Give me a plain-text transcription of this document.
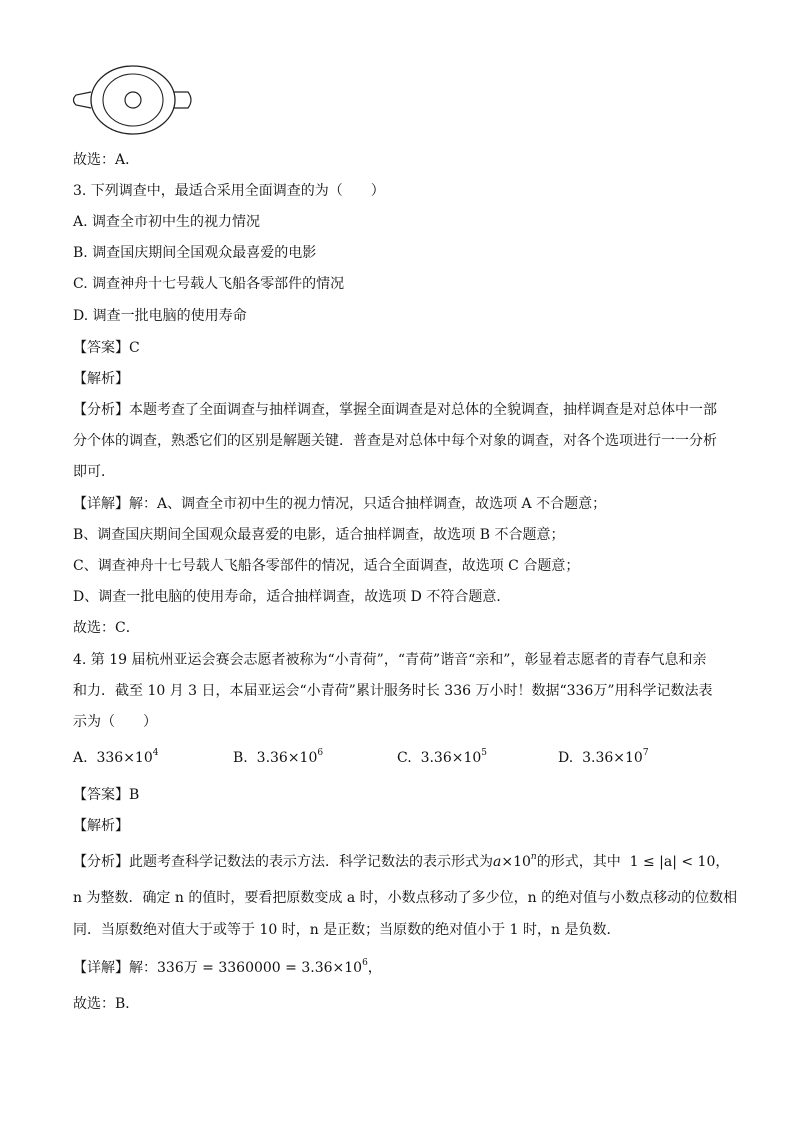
故选：A．
3. 下列调查中，最适合采用全面调查的为（　　）
A. 调查全市初中生的视力情况
B. 调查国庆期间全国观众最喜爱的电影
C. 调查神舟十七号载人飞船各零部件的情况
D. 调查一批电脑的使用寿命
【答案】C
【解析】
【分析】本题考查了全面调查与抽样调查，掌握全面调查是对总体的全貌调查，抽样调查是对总体中一部
分个体的调查，熟悉它们的区别是解题关键．普查是对总体中每个对象的调查，对各个选项进行一一分析
即可．
【详解】解：A、调查全市初中生的视力情况，只适合抽样调查，故选项 A 不合题意；
B、调查国庆期间全国观众最喜爱的电影，适合抽样调查，故选项 B 不合题意；
C、调查神舟十七号载人飞船各零部件的情况，适合全面调查，故选项 C 合题意；
D、调查一批电脑的使用寿命，适合抽样调查，故选项 D 不符合题意．
故选：C．
4. 第 19 届杭州亚运会赛会志愿者被称为“小青荷”，“青荷”谐音“亲和”，彰显着志愿者的青春气息和亲
和力．截至 10 月 3 日，本届亚运会“小青荷”累计服务时长 336 万小时！数据“336万”用科学记数法表
示为（　　）
A. $336\times 10^4$	B. $3.36\times 10^6$	C. $3.36\times 10^5$	D. $3.36\times 10^7$
【答案】B
【解析】
【分析】此题考查科学记数法的表示方法．科学记数法的表示形式为$a\times 10^n$的形式，其中 1 ≤ |a| < 10，
n 为整数．确定 n 的值时，要看把原数变成 a 时，小数点移动了多少位，n 的绝对值与小数点移动的位数相
同．当原数绝对值大于或等于 10 时，n 是正数；当原数的绝对值小于 1 时，n 是负数．
【详解】解：336万 = $3360000 = 3.36\times 10^6$，
故选：B．
